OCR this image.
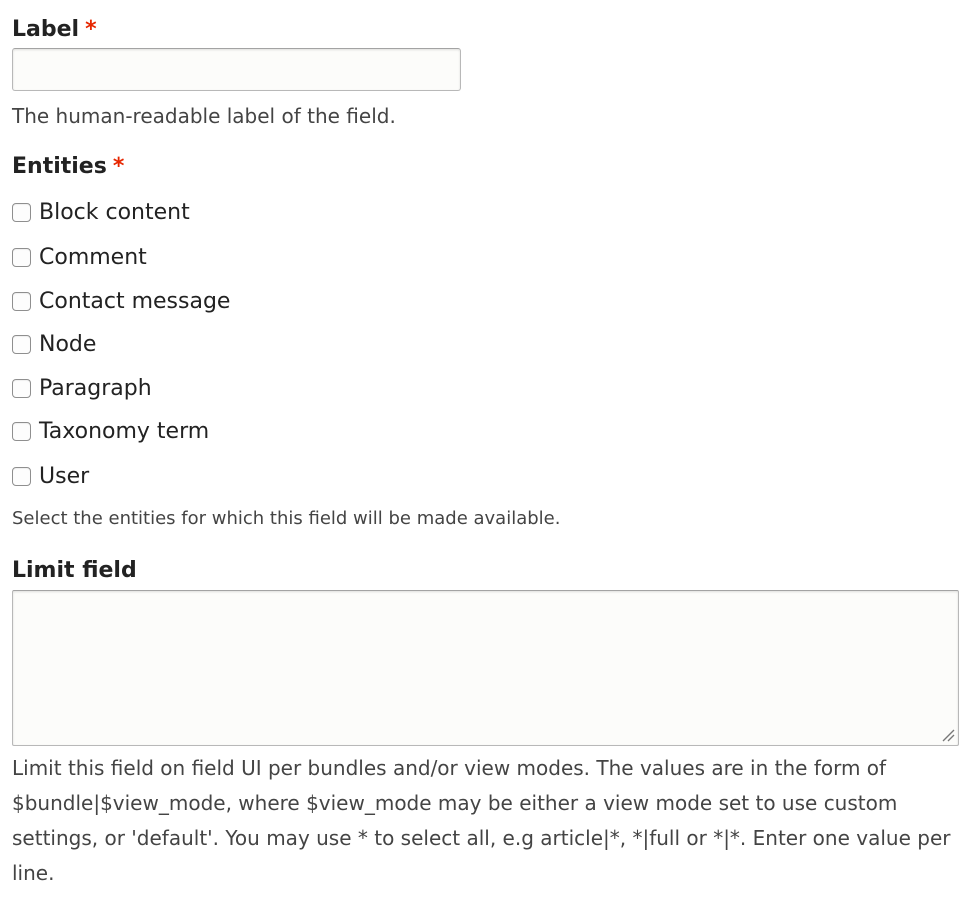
Label *
The human-readable label of the field.
Entities *
Block content
Comment
Contact message
Node
Paragraph
Taxonomy term
User
Select the entities for which this field will be made available.
Limit field
Limit this field on field UI per bundles and/or view modes. The values are in the form of $bundle|$view_mode, where $view_mode may be either a view mode set to use custom settings, or 'default'. You may use * to select all, e.g article|*, *|full or *|*. Enter one value per line.
